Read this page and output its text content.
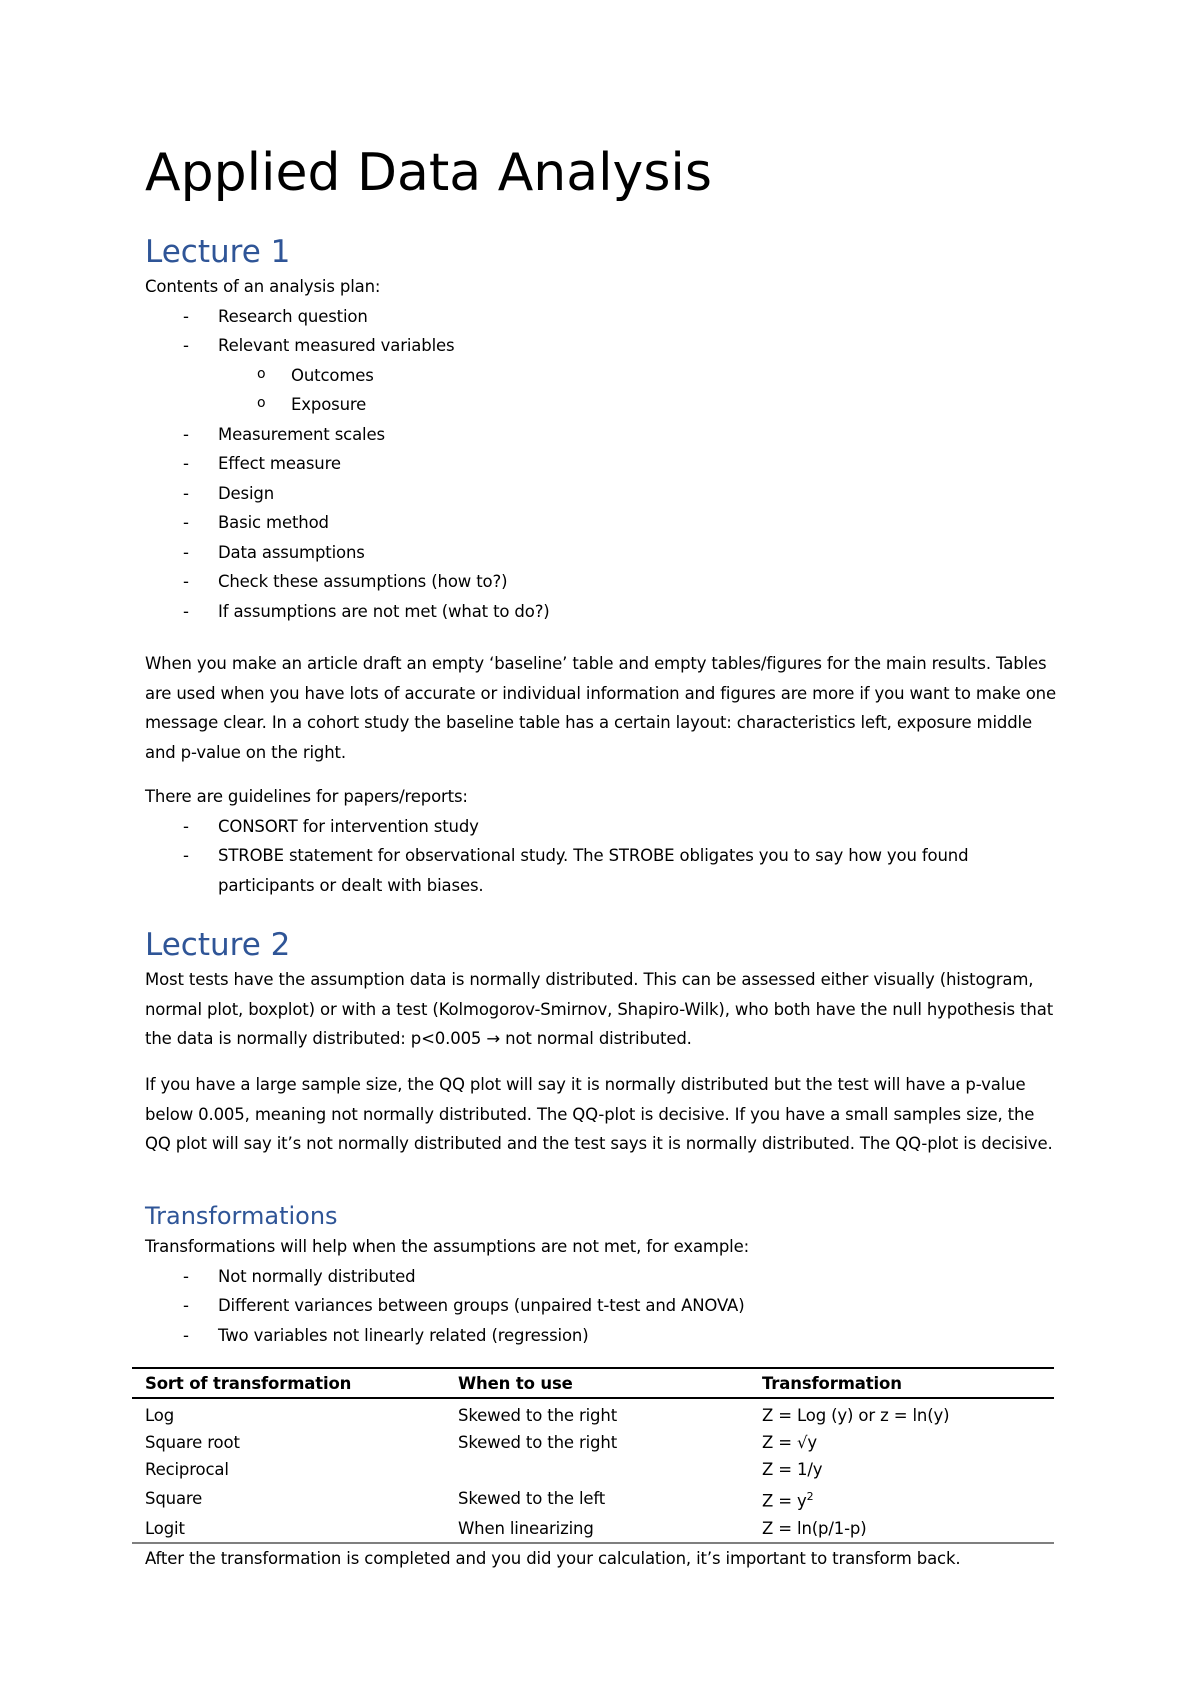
Applied Data Analysis
Lecture 1

Contents of an analysis plan:

- Research question
- Relevant measured variables
o Outcomes
o Exposure
- Measurement scales
- Effect measure
- Design
- Basic method
- Data assumptions
- Check these assumptions (how to?)
- If assumptions are not met (what to do?)

When you make an article draft an empty ‘baseline’ table and empty tables/figures for the main results. Tables are used when you have lots of accurate or individual information and figures are more if you want to make one message clear. In a cohort study the baseline table has a certain layout: characteristics left, exposure middle and p-value on the right.

There are guidelines for papers/reports:

- CONSORT for intervention study
- STROBE statement for observational study. The STROBE obligates you to say how you found participants or dealt with biases.
Lecture 2

Most tests have the assumption data is normally distributed. This can be assessed either visually (histogram, normal plot, boxplot) or with a test (Kolmogorov-Smirnov, Shapiro-Wilk), who both have the null hypothesis that the data is normally distributed: p<0.005 → not normal distributed.

If you have a large sample size, the QQ plot will say it is normally distributed but the test will have a p-value below 0.005, meaning not normally distributed. The QQ-plot is decisive. If you have a small samples size, the QQ plot will say it’s not normally distributed and the test says it is normally distributed. The QQ-plot is decisive.

Transformations

Transformations will help when the assumptions are not met, for example:

- Not normally distributed
- Different variances between groups (unpaired t-test and ANOVA)
- Two variables not linearly related (regression)
Sort of transformation	When to use	Transformation
Log	Skewed to the right	Z = Log (y) or z = ln(y)
Square root	Skewed to the right	Z = √y
Reciprocal		Z = 1/y
Square	Skewed to the left	$Z = y^2$
Logit	When linearizing	Z = ln(p/1-p)

After the transformation is completed and you did your calculation, it’s important to transform back.
